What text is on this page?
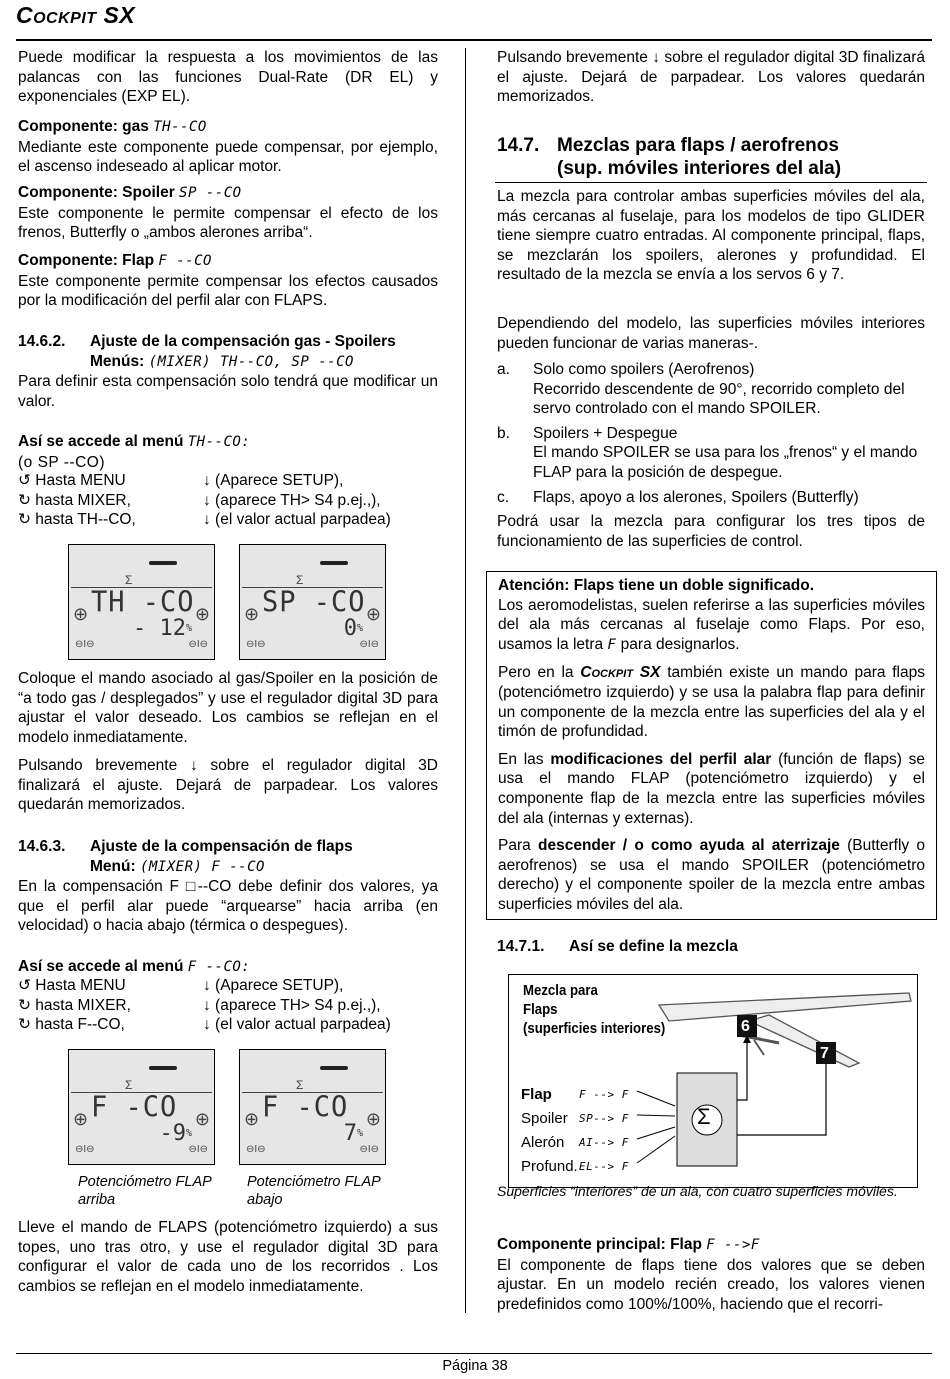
Cockpit SX

Puede modificar la respuesta a los movimientos de las palancas con las funciones Dual-Rate (DR EL) y exponenciales (EXP EL).

Componente: gas TH--CO

Mediante este componente puede compensar, por ejemplo, el ascenso indeseado al aplicar motor.

Componente: Spoiler SP --CO

Este componente le permite compensar el efecto de los frenos, Butterfly o „ambos alerones arriba“.

Componente: Flap F --CO

Este componente permite compensar los efectos causados por la modificación del perfil alar con FLAPS.

14.6.2.	Ajuste de la compensación gas - Spoilers
Menús: (MIXER) TH--CO, SP --CO

Para definir esta compensación solo tendrá que modificar un valor.

Así se accede al menú TH--CO:
(o SP --CO)
↺ Hasta MENU	↓ (Aparece SETUP),
↻ hasta MIXER,	↓ (aparece TH> S4 p.ej.,),
↻ hasta TH--CO,	↓ (el valor actual parpadea)
Σ
⊕	⊕
TH -CO
- 12%
⊖I⊖	⊖I⊖
Σ
⊕	⊕
SP -CO
0%
⊖I⊖	⊖I⊖

Coloque el mando asociado al gas/Spoiler en la posición de “a todo gas / desplegados” y use el regulador digital 3D para ajustar el valor deseado. Los cambios se reflejan en el modelo inmediatamente.

Pulsando brevemente ↓ sobre el regulador digital 3D finalizará el ajuste. Dejará de parpadear. Los valores quedarán memorizados.

14.6.3.	Ajuste de la compensación de flaps
Menú: (MIXER) F --CO

En la compensación F □--CO debe definir dos valores, ya que el perfil alar puede “arquearse” hacia arriba (en velocidad) o hacia abajo (térmica o despegues).

Así se accede al menú F --CO:
↺ Hasta MENU	↓ (Aparece SETUP),
↻ hasta MIXER,	↓ (aparece TH> S4 p.ej.,),
↻ hasta F--CO,	↓ (el valor actual parpadea)
Σ
⊕	⊕
F -CO
-9%
⊖I⊖	⊖I⊖
Σ
⊕	⊕
F -CO
7%
⊖I⊖	⊖I⊖
Potenciómetro FLAP arriba
Potenciómetro FLAP abajo

Lleve el mando de FLAPS (potenciómetro izquierdo) a sus topes, uno tras otro, y use el regulador digital 3D para configurar el valor de cada uno de los recorridos . Los cambios se reflejan en el modelo inmediatamente.

Pulsando brevemente ↓ sobre el regulador digital 3D finalizará el ajuste. Dejará de parpadear. Los valores quedarán memorizados.

14.7. Mezclas para flaps / aerofrenos
(sup. móviles interiores del ala)

La mezcla para controlar ambas superficies móviles del ala, más cercanas al fuselaje, para los modelos de tipo GLIDER tiene siempre cuatro entradas. Al componente principal, flaps, se mezclarán los spoilers, alerones y profundidad. El resultado de la mezcla se envía a los servos 6 y 7.

Dependiendo del modelo, las superficies móviles interiores pueden funcionar de varias maneras-.

a.	Solo como spoilers (Aerofrenos)
Recorrido descendente de 90°, recorrido completo del servo controlado con el mando SPOILER.
b.	Spoilers + Despegue
El mando SPOILER se usa para los „frenos“ y el mando FLAP para la posición de despegue.
c.	Flaps, apoyo a los alerones, Spoilers (Butterfly)

Podrá usar la mezcla para configurar los tres tipos de funcionamiento de las superficies de control.

Atención: Flaps tiene un doble significado.

Los aeromodelistas, suelen referirse a las superficies móviles del ala más cercanas al fuselaje como Flaps. Por eso, usamos la letra F para designarlos.

Pero en la Cockpit SX también existe un mando para flaps (potenciómetro izquierdo) y se usa la palabra flap para definir un componente de la mezcla entre las superficies del ala y el timón de profundidad.

En las modificaciones del perfil alar (función de flaps) se usa el mando FLAP (potenciómetro izquierdo) y el componente flap de la mezcla entre las superficies móviles del ala (internas y externas).

Para descender / o como ayuda al aterrizaje (Butterfly o aerofrenos) se usa el mando SPOILER (potenciómetro derecho) y el componente spoiler de la mezcla entre ambas superficies móviles del ala.

14.7.1.	Así se define la mezcla
Mezcla para
Flaps
(superficies interiores)
Flap	F --> F
Spoiler	SP--> F
Alerón	AI--> F
Profund. EL--> F
Σ
6
7
Superficies “interiores” de un ala, con cuatro superficies móviles.
Componente principal: Flap F -->F

El componente de flaps tiene dos valores que se deben ajustar. En un modelo recién creado, los valores vienen predefinidos como 100%/100%, haciendo que el recorri-

Página 38
